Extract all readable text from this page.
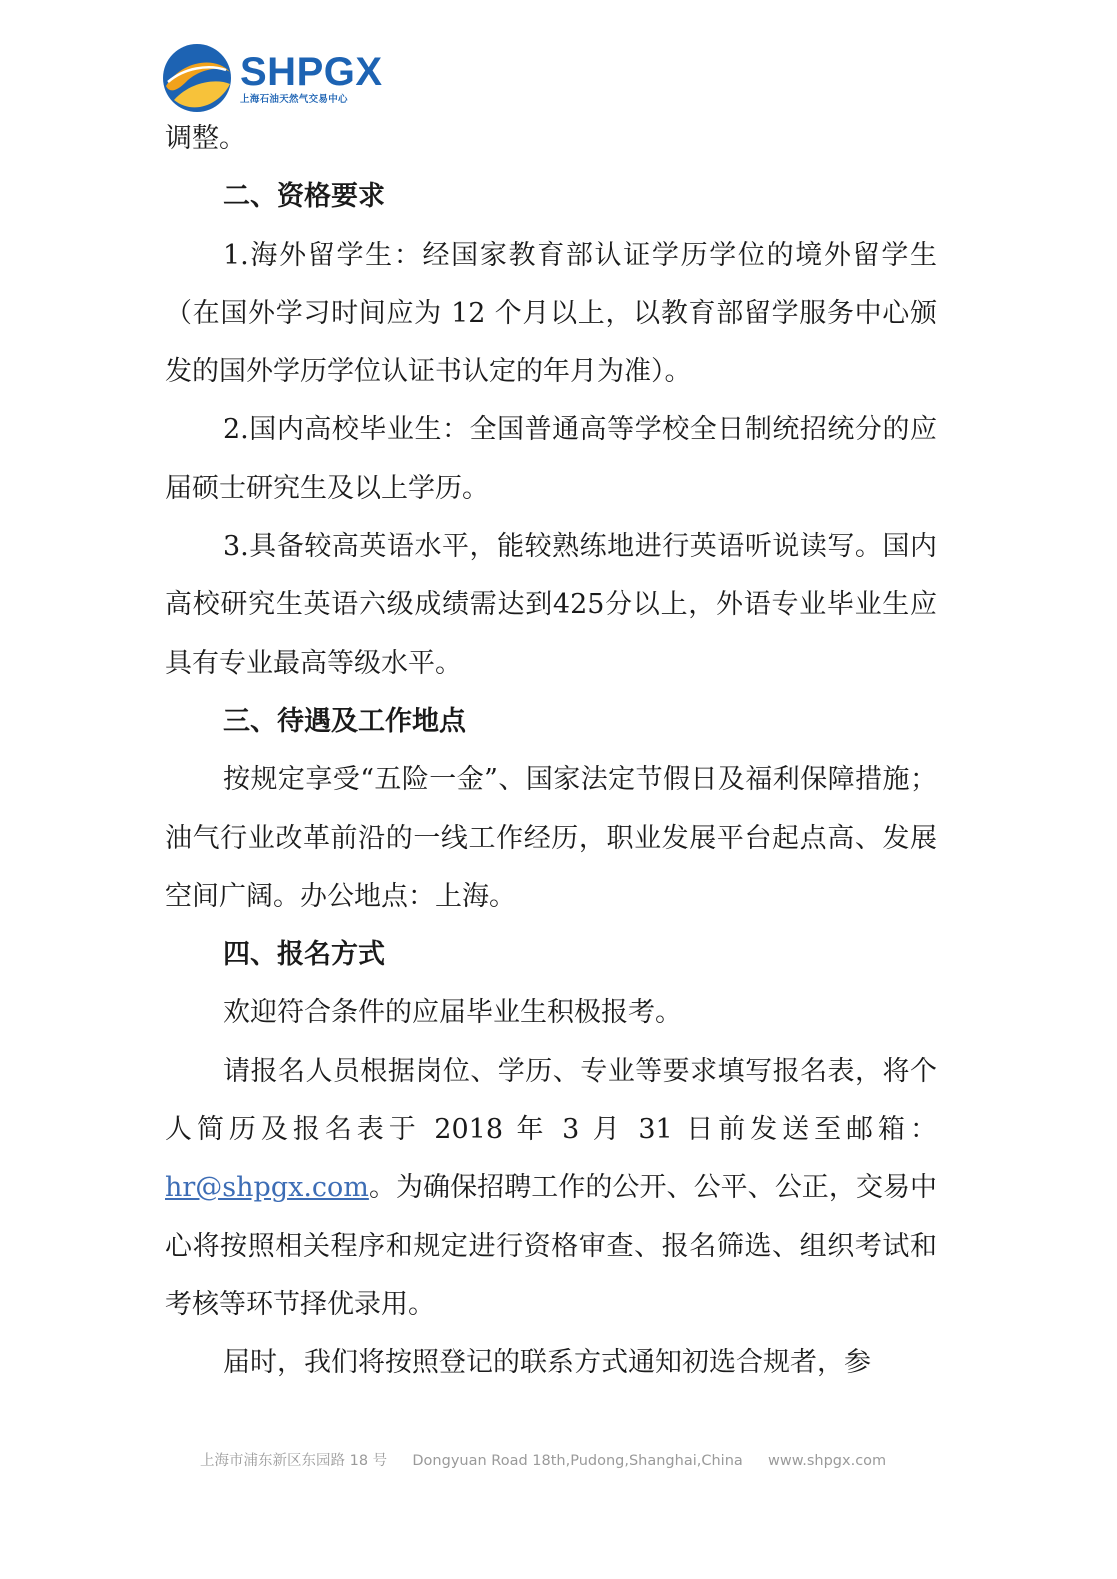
SHPGX
上海石油天然气交易中心

调整。

二、资格要求

1.海外留学生：经国家教育部认证学历学位的境外留学生（在国外学习时间应为 12 个月以上，以教育部留学服务中心颁发的国外学历学位认证书认定的年月为准）。

2.国内高校毕业生：全国普通高等学校全日制统招统分的应届硕士研究生及以上学历。

3.具备较高英语水平，能较熟练地进行英语听说读写。国内高校研究生英语六级成绩需达到425分以上，外语专业毕业生应具有专业最高等级水平。

三、待遇及工作地点

按规定享受“五险一金”、国家法定节假日及福利保障措施；油气行业改革前沿的一线工作经历，职业发展平台起点高、发展空间广阔。办公地点：上海。

四、报名方式

欢迎符合条件的应届毕业生积极报考。

请报名人员根据岗位、学历、专业等要求填写报名表，将个人简历及报名表于 2018 年 3 月 31 日前发送至邮箱：hr@shpgx.com。为确保招聘工作的公开、公平、公正，交易中心将按照相关程序和规定进行资格审查、报名筛选、组织考试和考核等环节择优录用。

届时，我们将按照登记的联系方式通知初选合规者，参

上海市浦东新区东园路 18 号 Dongyuan Road 18th,Pudong,Shanghai,China www.shpgx.com
